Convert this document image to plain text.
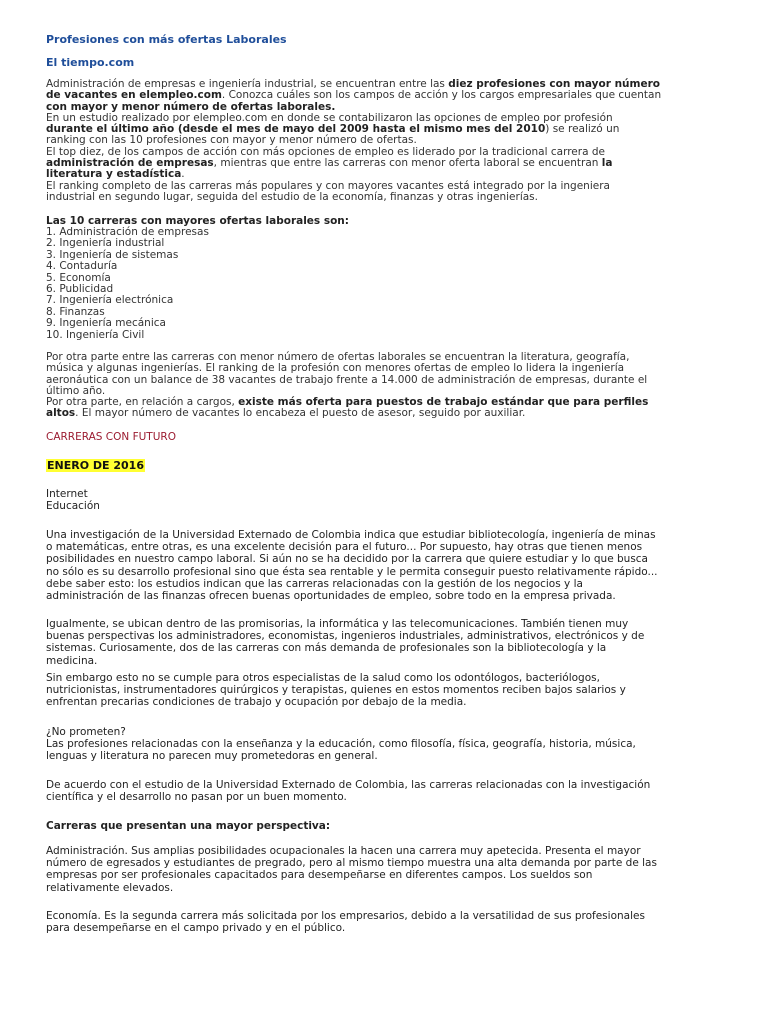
Profesiones con más ofertas Laborales
El tiempo.com

Administración de empresas e ingeniería industrial, se encuentran entre las diez profesiones con mayor número de vacantes en elempleo.com. Conozca cuáles son los campos de acción y los cargos empresariales que cuentan con mayor y menor número de ofertas laborales.

En un estudio realizado por elempleo.com en donde se contabilizaron las opciones de empleo por profesión durante el último año (desde el mes de mayo del 2009 hasta el mismo mes del 2010) se realizó un ranking con las 10 profesiones con mayor y menor número de ofertas.

El top diez, de los campos de acción con más opciones de empleo es liderado por la tradicional carrera de administración de empresas, mientras que entre las carreras con menor oferta laboral se encuentran la literatura y estadística.

El ranking completo de las carreras más populares y con mayores vacantes está integrado por la ingeniera industrial en segundo lugar, seguida del estudio de la economía, finanzas y otras ingenierías.

Las 10 carreras con mayores ofertas laborales son:
1. Administración de empresas
2. Ingeniería industrial
3. Ingeniería de sistemas
4. Contaduría
5. Economía
6. Publicidad
7. Ingeniería electrónica
8. Finanzas
9. Ingeniería mecánica
10. Ingeniería Civil

Por otra parte entre las carreras con menor número de ofertas laborales se encuentran la literatura, geografía, música y algunas ingenierías. El ranking de la profesión con menores ofertas de empleo lo lidera la ingeniería aeronáutica con un balance de 38 vacantes de trabajo frente a 14.000 de administración de empresas, durante el último año.

Por otra parte, en relación a cargos, existe más oferta para puestos de trabajo estándar que para perfiles altos. El mayor número de vacantes lo encabeza el puesto de asesor, seguido por auxiliar.

CARRERAS CON FUTURO
ENERO DE 2016
Internet
Educación
Una investigación de la Universidad Externado de Colombia indica que estudiar bibliotecología, ingeniería de minas o matemáticas, entre otras, es una excelente decisión para el futuro... Por supuesto, hay otras que tienen menos posibilidades en nuestro campo laboral. Si aún no se ha decidido por la carrera que quiere estudiar y lo que busca no sólo es su desarrollo profesional sino que ésta sea rentable y le permita conseguir puesto relativamente rápido... debe saber esto: los estudios indican que las carreras relacionadas con la gestión de los negocios y la administración de las finanzas ofrecen buenas oportunidades de empleo, sobre todo en la empresa privada.
Igualmente, se ubican dentro de las promisorias, la informática y las telecomunicaciones. También tienen muy buenas perspectivas los administradores, economistas, ingenieros industriales, administrativos, electrónicos y de sistemas. Curiosamente, dos de las carreras con más demanda de profesionales son la bibliotecología y la medicina.
Sin embargo esto no se cumple para otros especialistas de la salud como los odontólogos, bacteriólogos, nutricionistas, instrumentadores quirúrgicos y terapistas, quienes en estos momentos reciben bajos salarios y enfrentan precarias condiciones de trabajo y ocupación por debajo de la media.
¿No prometen?
Las profesiones relacionadas con la enseñanza y la educación, como filosofía, física, geografía, historia, música, lenguas y literatura no parecen muy prometedoras en general.
De acuerdo con el estudio de la Universidad Externado de Colombia, las carreras relacionadas con la investigación científica y el desarrollo no pasan por un buen momento.
Carreras que presentan una mayor perspectiva:
Administración. Sus amplias posibilidades ocupacionales la hacen una carrera muy apetecida. Presenta el mayor número de egresados y estudiantes de pregrado, pero al mismo tiempo muestra una alta demanda por parte de las empresas por ser profesionales capacitados para desempeñarse en diferentes campos. Los sueldos son relativamente elevados.
Economía. Es la segunda carrera más solicitada por los empresarios, debido a la versatilidad de sus profesionales para desempeñarse en el campo privado y en el público.
